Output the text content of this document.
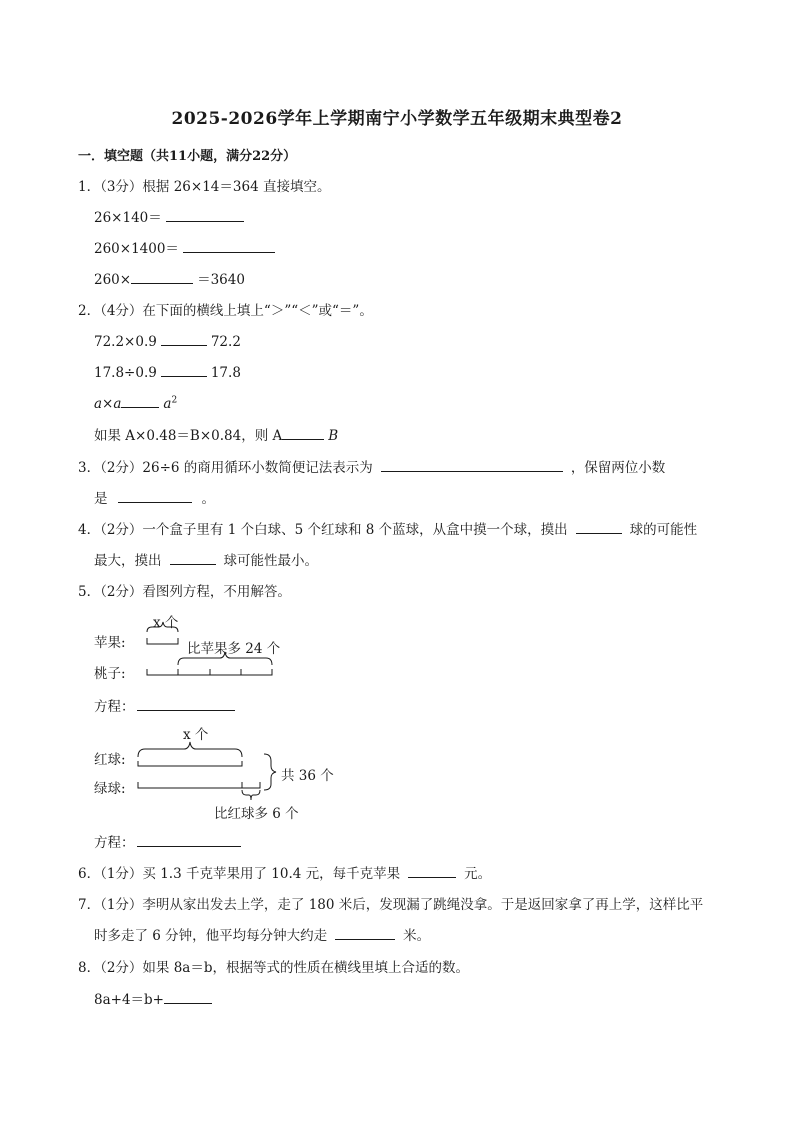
2025-2026学年上学期南宁小学数学五年级期末典型卷2
一．填空题（共11小题，满分22分）
1．（3分）根据 26×14＝364 直接填空。
26×140＝
260×1400＝
260×	＝3640
2．（4分）在下面的横线上填上“＞”“＜”或“＝”。
72.2×0.9	72.2
17.8÷0.9	17.8
a×a	$a^2$
如果 A×0.48＝B×0.84，则 A	B
3．（2分）26÷6 的商用循环小数简便记法表示为	，保留两位小数
是	。
4．（2分）一个盒子里有 1 个白球、5 个红球和 8 个蓝球，从盒中摸一个球，摸出	球的可能性
最大，摸出	球可能性最小。
5．（2分）看图列方程，不用解答。
苹果:
桃子:
x 个
比苹果多 24 个
方程：
红球:
绿球:
x 个
共 36 个
比红球多 6 个
方程：
6．（1分）买 1.3 千克苹果用了 10.4 元，每千克苹果	元。
7．（1分）李明从家出发去上学，走了 180 米后，发现漏了跳绳没拿。于是返回家拿了再上学，这样比平
时多走了 6 分钟，他平均每分钟大约走	米。
8．（2分）如果 8a＝b，根据等式的性质在横线里填上合适的数。
8a+4＝b+
